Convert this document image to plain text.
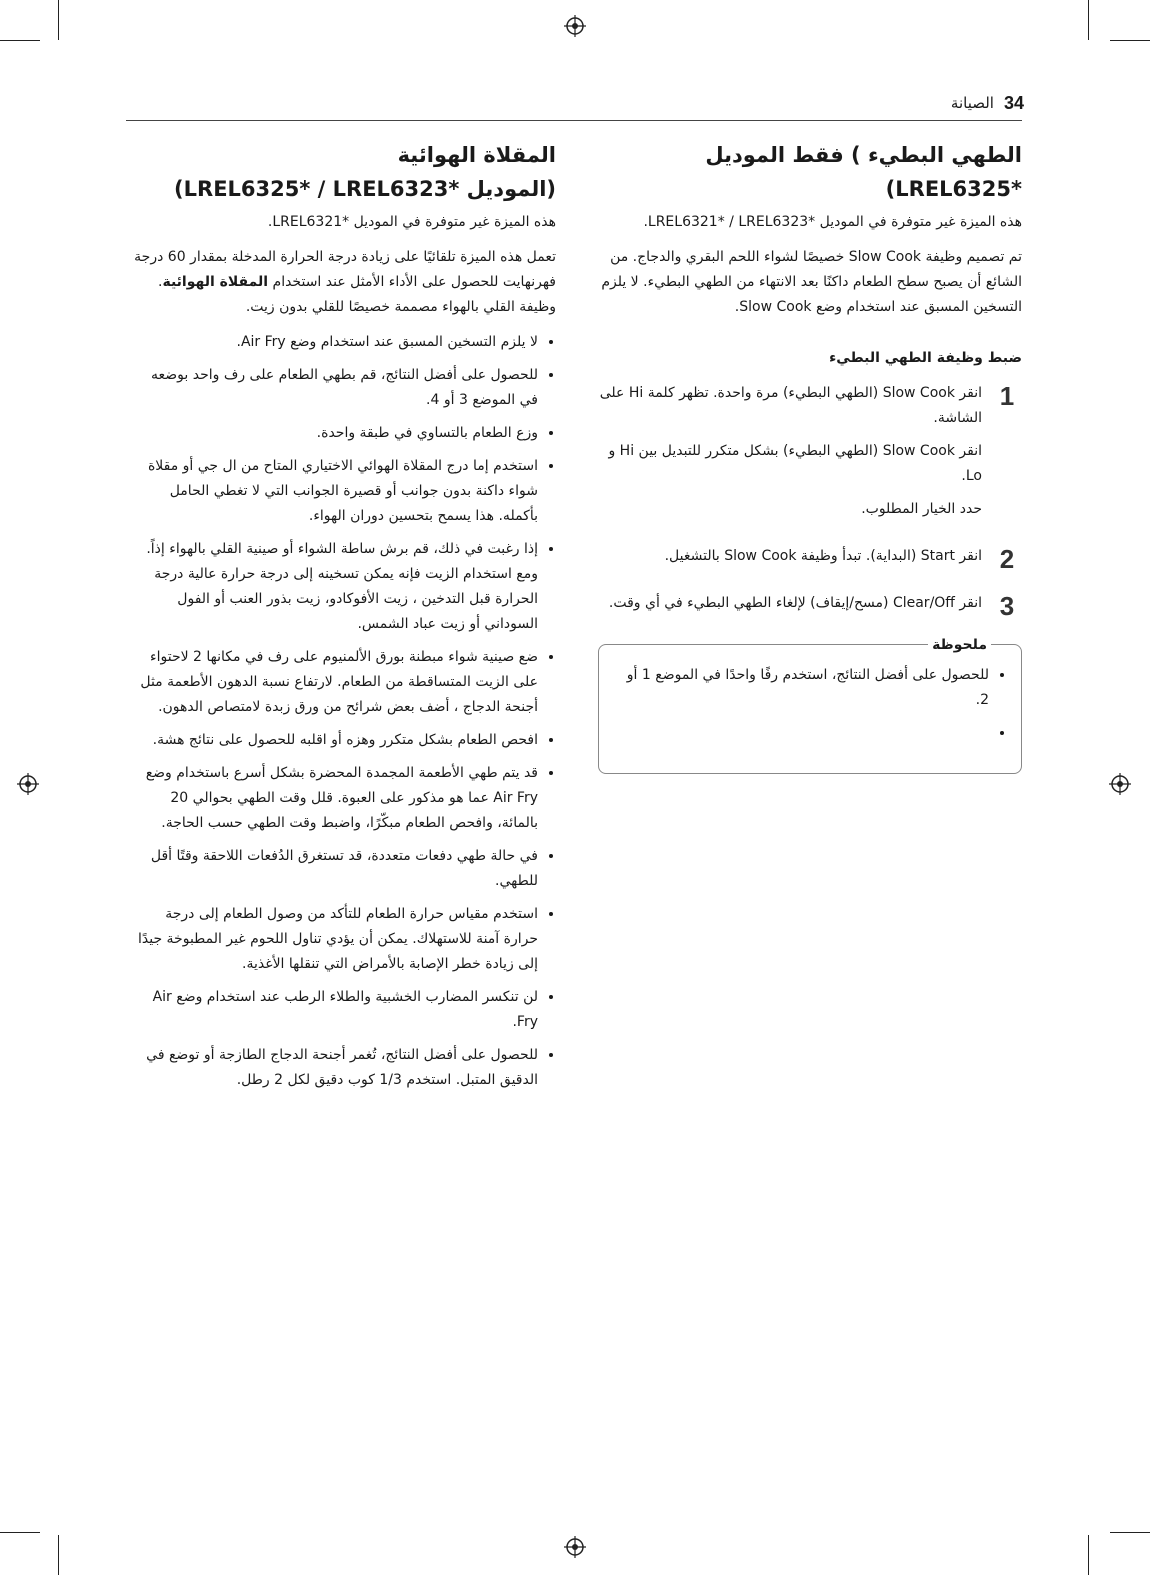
34
الصيانة
الطهي البطيء ) فقط الموديل *LREL6325)

هذه الميزة غير متوفرة في الموديل *LREL6321* / LREL6323.

تم تصميم وظيفة Slow Cook خصيصًا لشواء اللحم البقري والدجاج. من الشائع أن يصبح سطح الطعام داكنًا بعد الانتهاء من الطهي البطيء. لا يلزم التسخين المسبق عند استخدام وضع Slow Cook.

ضبط وظيفة الطهي البطيء
1
انقر Slow Cook (الطهي البطيء) مرة واحدة. تظهر كلمة Hi على الشاشة.
انقر Slow Cook (الطهي البطيء) بشكل متكرر للتبديل بين Hi و Lo.
حدد الخيار المطلوب.
2
انقر Start (البداية). تبدأ وظيفة Slow Cook بالتشغيل.
3
انقر Clear/Off (مسح/إيقاف) لإلغاء الطهي البطيء في أي وقت.
ملحوظة
• للحصول على أفضل النتائج، استخدم رفًا واحدًا في الموضع 1 أو 2.
•
المقلاة الهوائية
(الموديل *LREL6325* / LREL6323)

هذه الميزة غير متوفرة في الموديل *LREL6321.

تعمل هذه الميزة تلقائيًا على زيادة درجة الحرارة المدخلة بمقدار 60 درجة فهرنهايت للحصول على الأداء الأمثل عند استخدام المقلاة الهوائية. وظيفة القلي بالهواء مصممة خصيصًا للقلي بدون زيت.

• لا يلزم التسخين المسبق عند استخدام وضع Air Fry.
• للحصول على أفضل النتائج، قم بطهي الطعام على رف واحد بوضعه في الموضع 3 أو 4.
• وزع الطعام بالتساوي في طبقة واحدة.
• استخدم إما درج المقلاة الهوائي الاختياري المتاح من ال جي أو مقلاة شواء داكنة بدون جوانب أو قصيرة الجوانب التي لا تغطي الحامل بأكمله. هذا يسمح بتحسين دوران الهواء.
• إذا رغبت في ذلك، قم برش ساطة الشواء أو صينية القلي بالهواء إذاً. ومع استخدام الزيت فإنه يمكن تسخينه إلى درجة حرارة عالية درجة الحرارة قبل التدخين ، زيت الأفوكادو، زيت بذور العنب أو الفول السوداني أو زيت عباد الشمس.
• ضع صينية شواء مبطنة بورق الألمنيوم على رف في مكانها 2 لاحتواء على الزيت المتساقطة من الطعام. لارتفاع نسبة الدهون الأطعمة مثل أجنحة الدجاج ، أضف بعض شرائح من ورق زبدة لامتصاص الدهون.
• افحص الطعام بشكل متكرر وهزه أو اقلبه للحصول على نتائج هشة.
• قد يتم طهي الأطعمة المجمدة المحضرة بشكل أسرع باستخدام وضع Air Fry عما هو مذكور على العبوة. قلل وقت الطهي بحوالي 20 بالمائة، وافحص الطعام مبكّرًا، واضبط وقت الطهي حسب الحاجة.
• في حالة طهي دفعات متعددة، قد تستغرق الدُفعات اللاحقة وقتًا أقل للطهي.
• استخدم مقياس حرارة الطعام للتأكد من وصول الطعام إلى درجة حرارة آمنة للاستهلاك. يمكن أن يؤدي تناول اللحوم غير المطبوخة جيدًا إلى زيادة خطر الإصابة بالأمراض التي تنقلها الأغذية.
• لن تنكسر المضارب الخشبية والطلاء الرطب عند استخدام وضع Air Fry.
• للحصول على أفضل النتائج، تُغمر أجنحة الدجاج الطازجة أو توضع في الدقيق المتبل. استخدم 1/3 كوب دقيق لكل 2 رطل.
